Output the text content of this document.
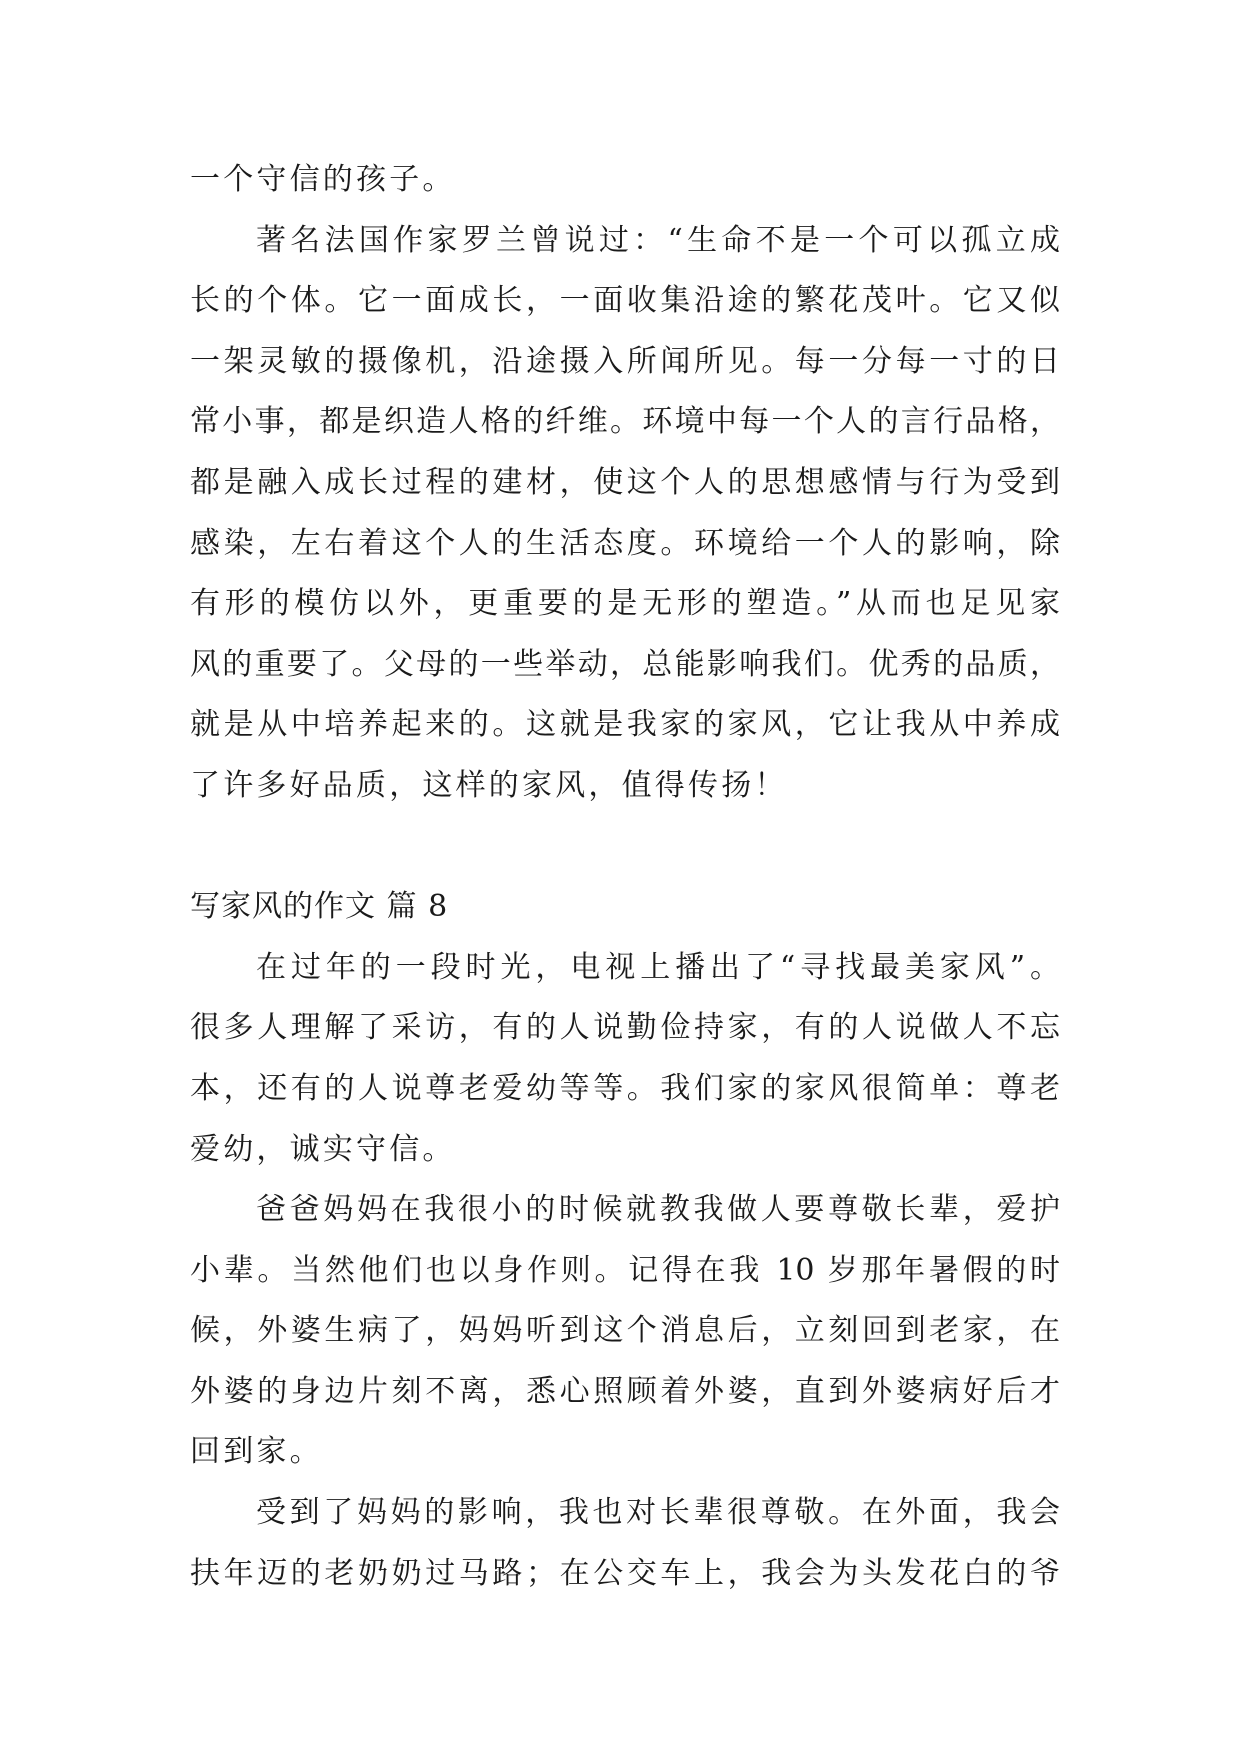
一个守信的孩子。
著名法国作家罗兰曾说过：“生命不是一个可以孤立成
长的个体。它一面成长，一面收集沿途的繁花茂叶。它又似
一架灵敏的摄像机，沿途摄入所闻所见。每一分每一寸的日
常小事，都是织造人格的纤维。环境中每一个人的言行品格，
都是融入成长过程的建材，使这个人的思想感情与行为受到
感染，左右着这个人的生活态度。环境给一个人的影响，除
有形的模仿以外，更重要的是无形的塑造。”从而也足见家
风的重要了。父母的一些举动，总能影响我们。优秀的品质，
就是从中培养起来的。这就是我家的家风，它让我从中养成
了许多好品质，这样的家风，值得传扬！
写家风的作文 篇 8
在过年的一段时光，电视上播出了“寻找最美家风”。
很多人理解了采访，有的人说勤俭持家，有的人说做人不忘
本，还有的人说尊老爱幼等等。我们家的家风很简单：尊老
爱幼，诚实守信。
爸爸妈妈在我很小的时候就教我做人要尊敬长辈，爱护
小辈。当然他们也以身作则。记得在我 10 岁那年暑假的时
候，外婆生病了，妈妈听到这个消息后，立刻回到老家，在
外婆的身边片刻不离，悉心照顾着外婆，直到外婆病好后才
回到家。
受到了妈妈的影响，我也对长辈很尊敬。在外面，我会
扶年迈的老奶奶过马路；在公交车上，我会为头发花白的爷
